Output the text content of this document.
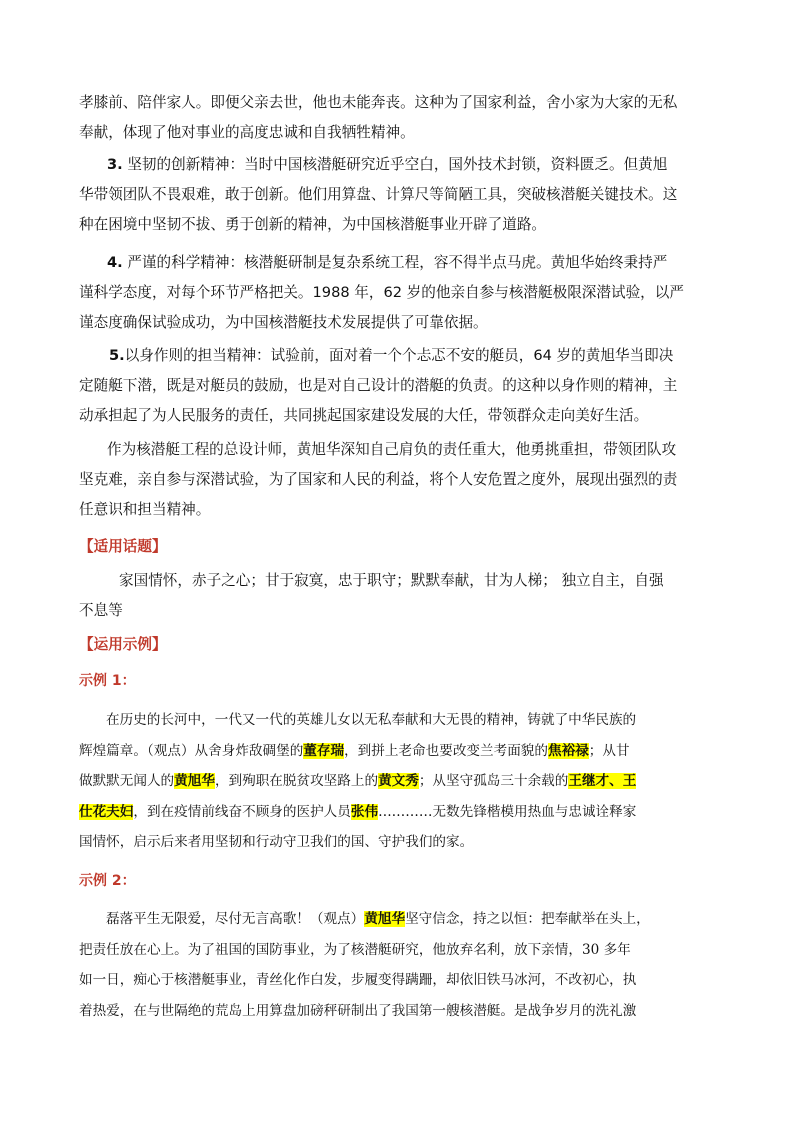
孝膝前、陪伴家人。即便父亲去世，他也未能奔丧。这种为了国家利益，舍小家为大家的无私
奉献，体现了他对事业的高度忠诚和自我牺牲精神。
3. 坚韧的创新精神：当时中国核潜艇研究近乎空白，国外技术封锁，资料匮乏。但黄旭
华带领团队不畏艰难，敢于创新。他们用算盘、计算尺等简陋工具，突破核潜艇关键技术。这
种在困境中坚韧不拔、勇于创新的精神，为中国核潜艇事业开辟了道路。
4. 严谨的科学精神：核潜艇研制是复杂系统工程，容不得半点马虎。黄旭华始终秉持严
谨科学态度，对每个环节严格把关。1988 年，62 岁的他亲自参与核潜艇极限深潜试验，以严
谨态度确保试验成功，为中国核潜艇技术发展提供了可靠依据。
5.以身作则的担当精神：试验前，面对着一个个忐忑不安的艇员，64 岁的黄旭华当即决
定随艇下潜，既是对艇员的鼓励，也是对自己设计的潜艇的负责。的这种以身作则的精神，主
动承担起了为人民服务的责任，共同挑起国家建设发展的大任，带领群众走向美好生活。
作为核潜艇工程的总设计师，黄旭华深知自己肩负的责任重大，他勇挑重担，带领团队攻
坚克难，亲自参与深潜试验，为了国家和人民的利益，将个人安危置之度外，展现出强烈的责
任意识和担当精神。
【适用话题】
家国情怀，赤子之心；甘于寂寞，忠于职守；默默奉献，甘为人梯； 独立自主，自强
不息等
【运用示例】
示例 1：
在历史的长河中，一代又一代的英雄儿女以无私奉献和大无畏的精神，铸就了中华民族的
辉煌篇章。（观点）从舍身炸敌碉堡的董存瑞，到拼上老命也要改变兰考面貌的焦裕禄；从甘
做默默无闻人的黄旭华，到殉职在脱贫攻坚路上的黄文秀；从坚守孤岛三十余载的王继才、王
仕花夫妇，到在疫情前线奋不顾身的医护人员张伟…………无数先锋楷模用热血与忠诚诠释家
国情怀，启示后来者用坚韧和行动守卫我们的国、守护我们的家。
示例 2：
磊落平生无限爱，尽付无言高歌！（观点）黄旭华坚守信念，持之以恒：把奉献举在头上，
把责任放在心上。为了祖国的国防事业，为了核潜艇研究，他放弃名利，放下亲情，30 多年
如一日，痴心于核潜艇事业，青丝化作白发，步履变得蹒跚，却依旧铁马冰河，不改初心，执
着热爱，在与世隔绝的荒岛上用算盘加磅秤研制出了我国第一艘核潜艇。是战争岁月的洗礼激
